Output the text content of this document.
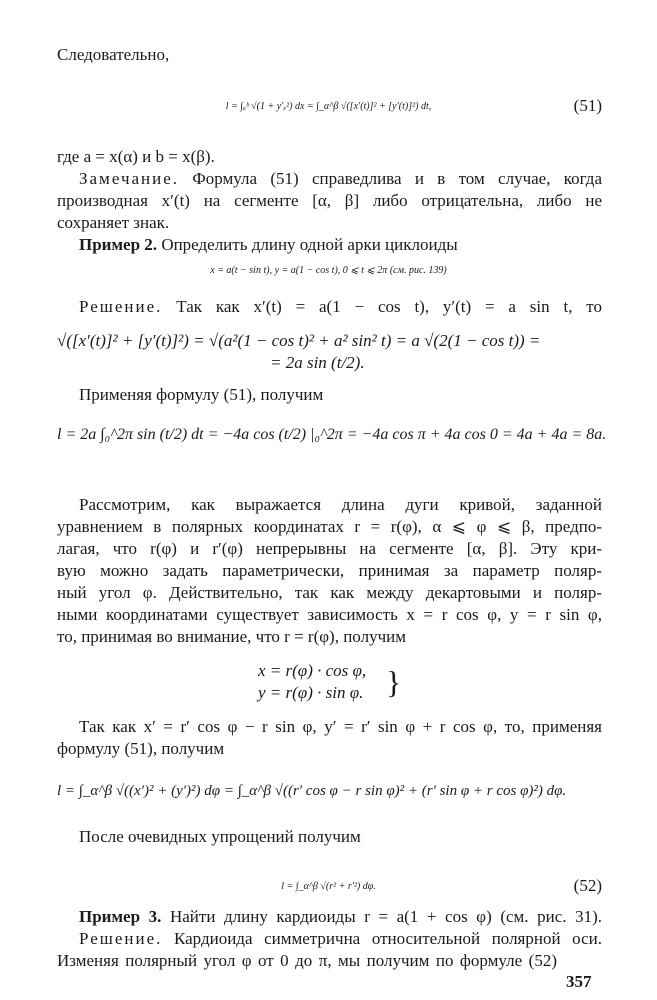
Следовательно,
l = ∫ₐᵇ √(1 + y′ₓ²) dx = ∫_α^β √([x′(t)]² + [y′(t)]²) dt,	(51)
где a = x(α) и b = x(β).
Замечание. Формула (51) справедлива и в том случае, когда
производная x′(t) на сегменте [α, β] либо отрицательна, либо не
сохраняет знак.
Пример 2. Определить длину одной арки циклоиды
x = a(t − sin t), y = a(1 − cos t), 0 ⩽ t ⩽ 2π (см. рис. 139)
Решение. Так как x′(t) = a(1 − cos t), y′(t) = a sin t, то
√([x′(t)]² + [y′(t)]²) = √(a²(1 − cos t)² + a² sin² t) = a √(2(1 − cos t)) =
= 2a sin (t/2).
Применяя формулу (51), получим
l = 2a ∫₀^2π sin (t/2) dt = −4a cos (t/2) |₀^2π = −4a cos π + 4a cos 0 = 4a + 4a = 8a.
Рассмотрим, как выражается длина дуги кривой, заданной
уравнением в полярных координатах r = r(φ), α ⩽ φ ⩽ β, предпо-
лагая, что r(φ) и r′(φ) непрерывны на сегменте [α, β]. Эту кри-
вую можно задать параметрически, принимая за параметр поляр-
ный угол φ. Действительно, так как между декартовыми и поляр-
ными координатами существует зависимость x = r cos φ, y = r sin φ,
то, принимая во внимание, что r = r(φ), получим
x = r(φ) · cos φ,
y = r(φ) · sin φ. }
Так как x′ = r′ cos φ − r sin φ, y′ = r′ sin φ + r cos φ, то, применяя
формулу (51), получим
l = ∫_α^β √((x′)² + (y′)²) dφ = ∫_α^β √((r′ cos φ − r sin φ)² + (r′ sin φ + r cos φ)²) dφ.
После очевидных упрощений получим
l = ∫_α^β √(r² + r′²) dφ.	(52)
Пример 3. Найти длину кардиоиды r = a(1 + cos φ) (см. рис. 31).
Решение. Кардиоида симметрична относительной полярной оси.
Изменяя полярный угол φ от 0 до π, мы получим по формуле (52)
357
